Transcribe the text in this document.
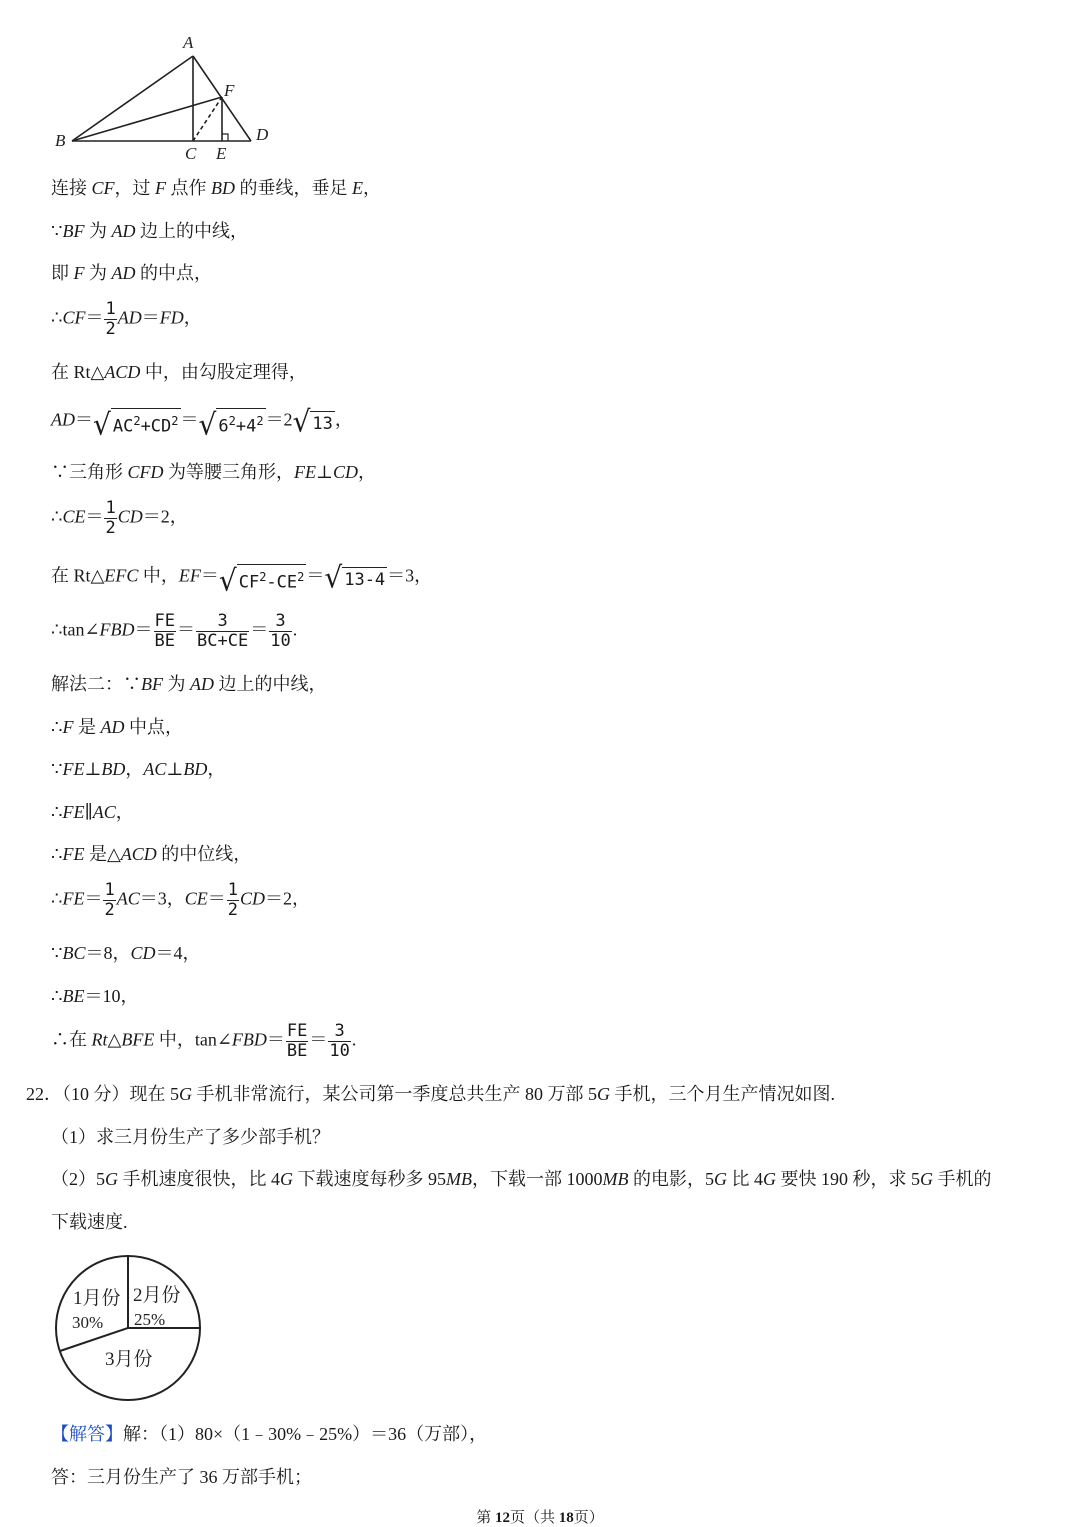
A
F
B	D
C E
连接 CF，过 F 点作 BD 的垂线，垂足 E，
∵BF 为 AD 边上的中线，
即 F 为 AD 的中点，
∴CF＝ $\frac{1}{2} AD=FD$，
在 Rt△ACD 中，由勾股定理得，
AD＝ √ $AC^2+CD^2$ ＝ √ $6^2+4^2 =2$ √ 13 ，
∵三角形 CFD 为等腰三角形，FE⊥CD，
∴CE＝ $\frac{1}{2} CD=2$，
在 Rt△EFC 中，EF＝ √ $CF^2-CE^2$ ＝ √ 13-4 ＝3，
∴tan∠FBD＝ $\frac{FE}{BE} = \frac{3}{BC+CE} = \frac{3}{10}$ .
解法二：∵BF 为 AD 边上的中线，
∴F 是 AD 中点，
∵FE⊥BD，AC⊥BD，
∴FE∥AC，
∴FE 是△ACD 的中位线，
∴FE＝ $\frac{1}{2} AC=3$，$CE= \frac{1}{2} CD=2$，
∵BC＝8，CD＝4，
∴BE＝10，
∴在 Rt△BFE 中，tan∠FBD＝ $\frac{FE}{BE} = \frac{3}{10}$ .
22．（10 分）现在 5G 手机非常流行，某公司第一季度总共生产 80 万部 5G 手机，三个月生产情况如图.
（1）求三月份生产了多少部手机？
（2）5G 手机速度很快，比 4G 下载速度每秒多 95MB，下载一部 1000MB 的电影，5G 比 4G 要快 190 秒，求 5G 手机的
下载速度.
1月份
30%
2月份
25%
3月份
【解答】解：（1）80×（1﹣30%﹣25%）＝36（万部），
答：三月份生产了 36 万部手机；
第 12页（共 18页）
